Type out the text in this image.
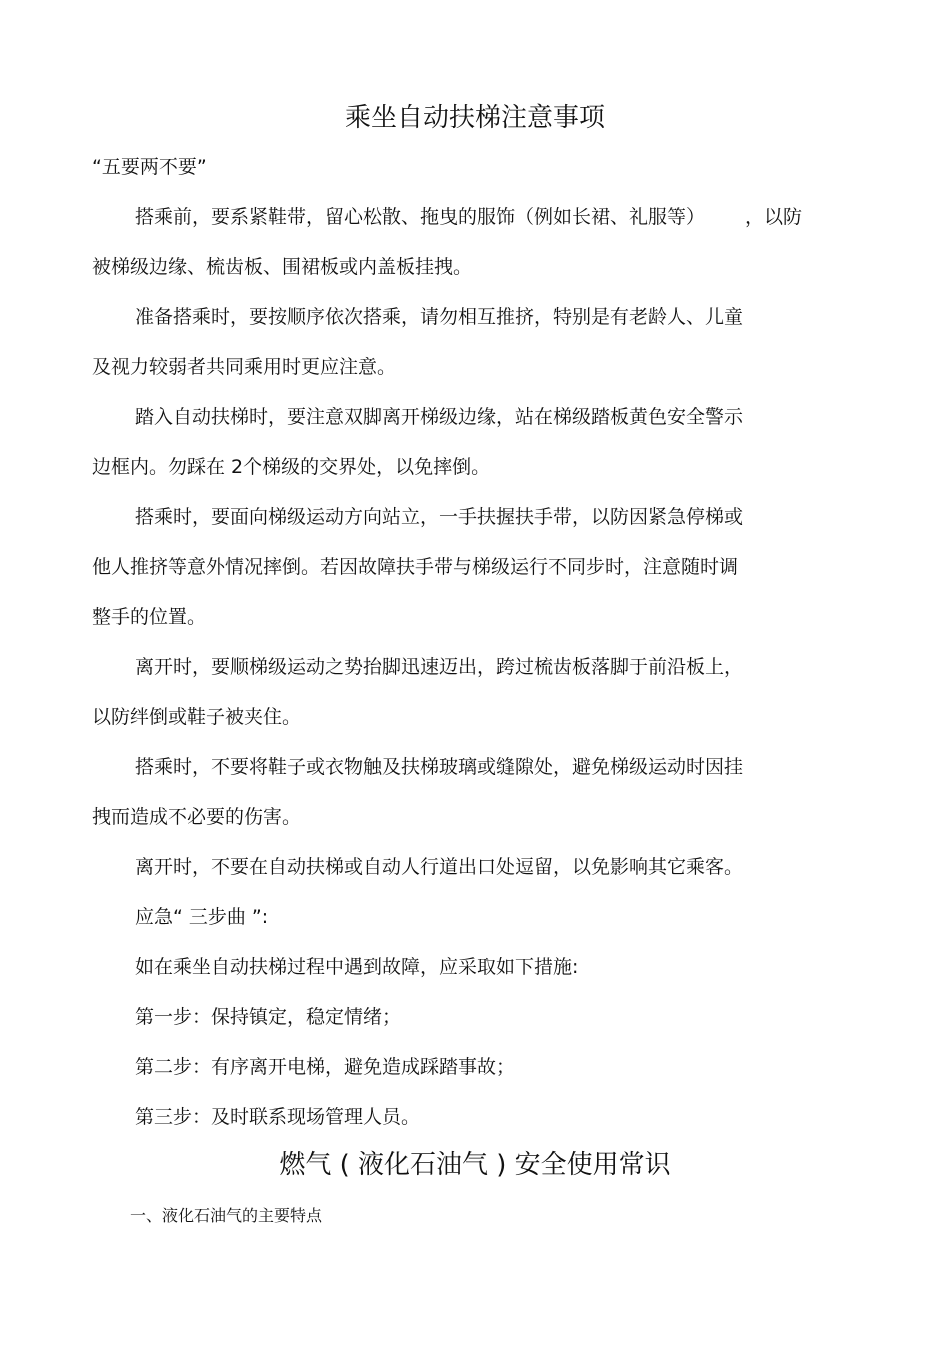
乘坐自动扶梯注意事项
“五要两不要”
搭乘前，要系紧鞋带，留心松散、拖曳的服饰（例如长裙、礼服等） ，以防
被梯级边缘、梳齿板、围裙板或内盖板挂拽。
准备搭乘时，要按顺序依次搭乘，请勿相互推挤，特别是有老龄人、儿童
及视力较弱者共同乘用时更应注意。
踏入自动扶梯时，要注意双脚离开梯级边缘，站在梯级踏板黄色安全警示
边框内。勿踩在 2个梯级的交界处，以免摔倒。
搭乘时，要面向梯级运动方向站立，一手扶握扶手带，以防因紧急停梯或
他人推挤等意外情况摔倒。若因故障扶手带与梯级运行不同步时，注意随时调
整手的位置。
离开时，要顺梯级运动之势抬脚迅速迈出，跨过梳齿板落脚于前沿板上，
以防绊倒或鞋子被夹住。
搭乘时，不要将鞋子或衣物触及扶梯玻璃或缝隙处，避免梯级运动时因挂
拽而造成不必要的伤害。
离开时，不要在自动扶梯或自动人行道出口处逗留，以免影响其它乘客。
应急“ 三步曲 ”:
如在乘坐自动扶梯过程中遇到故障，应采取如下措施:
第一步：保持镇定，稳定情绪；
第二步：有序离开电梯，避免造成踩踏事故；
第三步：及时联系现场管理人员。
燃气 ( 液化石油气 ) 安全使用常识
一、液化石油气的主要特点
